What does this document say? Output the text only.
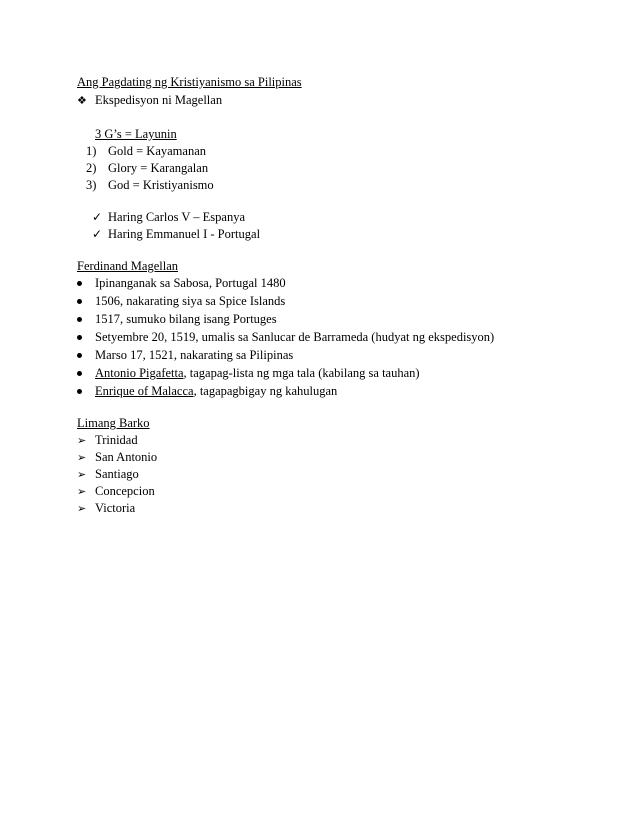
Ang Pagdating ng Kristiyanismo sa Pilipinas
❖ Ekspedisyon ni Magellan
3 G’s = Layunin
1) Gold = Kayamanan
2) Glory = Karangalan
3) God = Kristiyanismo
✓ Haring Carlos V – Espanya
✓ Haring Emmanuel I - Portugal
Ferdinand Magellan
Ipinanganak sa Sabosa, Portugal 1480
1506, nakarating siya sa Spice Islands
1517, sumuko bilang isang Portuges
Setyembre 20, 1519, umalis sa Sanlucar de Barrameda (hudyat ng ekspedisyon)
Marso 17, 1521, nakarating sa Pilipinas
Antonio Pigafetta, tagapag-lista ng mga tala (kabilang sa tauhan)
Enrique of Malacca, tagapagbigay ng kahulugan
Limang Barko
➢ Trinidad
➢ San Antonio
➢ Santiago
➢ Concepcion
➢ Victoria
